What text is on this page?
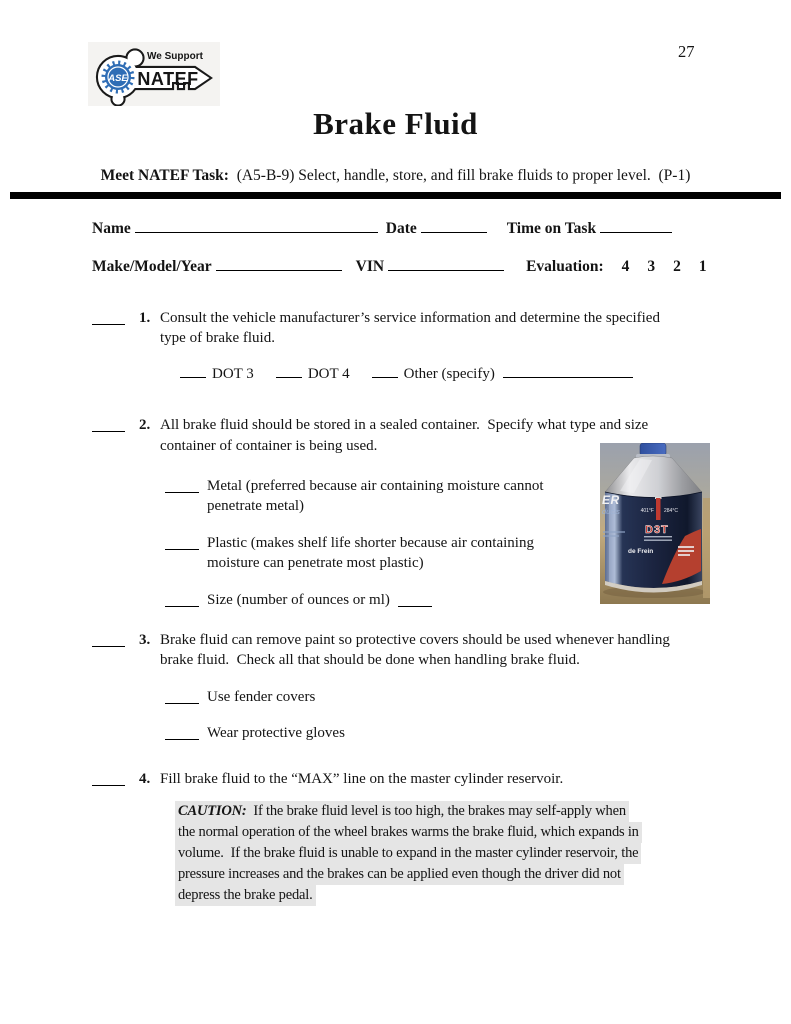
ASE
We Support
NATEF
27
Brake Fluid

Meet NATEF Task:  (A5-B-9) Select, handle, store, and fill brake fluids to proper level.  (P-1)

Name	Date	Time on Task
Make/Model/Year	VIN	Evaluation: 4 3 2 1
1. Consult the vehicle manufacturer’s service information and determine the specified
type of brake fluid.
DOT 3	DOT 4	Other (specify)
2. All brake fluid should be stored in a sealed container.  Specify what type and size
container of container is being used.
Metal (preferred because air containing moisture cannot
penetrate metal)
Plastic (makes shelf life shorter because air containing
moisture can penetrate most plastic)
Size (number of ounces or ml)
3. Brake fluid can remove paint so protective covers should be used whenever handling
brake fluid.  Check all that should be done when handling brake fluid.
Use fender covers
Wear protective gloves
4. Fill brake fluid to the “MAX” line on the master cylinder reservoir.
CAUTION:  If the brake fluid level is too high, the brakes may self-apply when
the normal operation of the wheel brakes warms the brake fluid, which expands in
volume.  If the brake fluid is unable to expand in the master cylinder reservoir, the
pressure increases and the brakes can be applied even though the driver did not
depress the brake pedal.
ER
ducts	401°F 284°C
D3T
de Frein
